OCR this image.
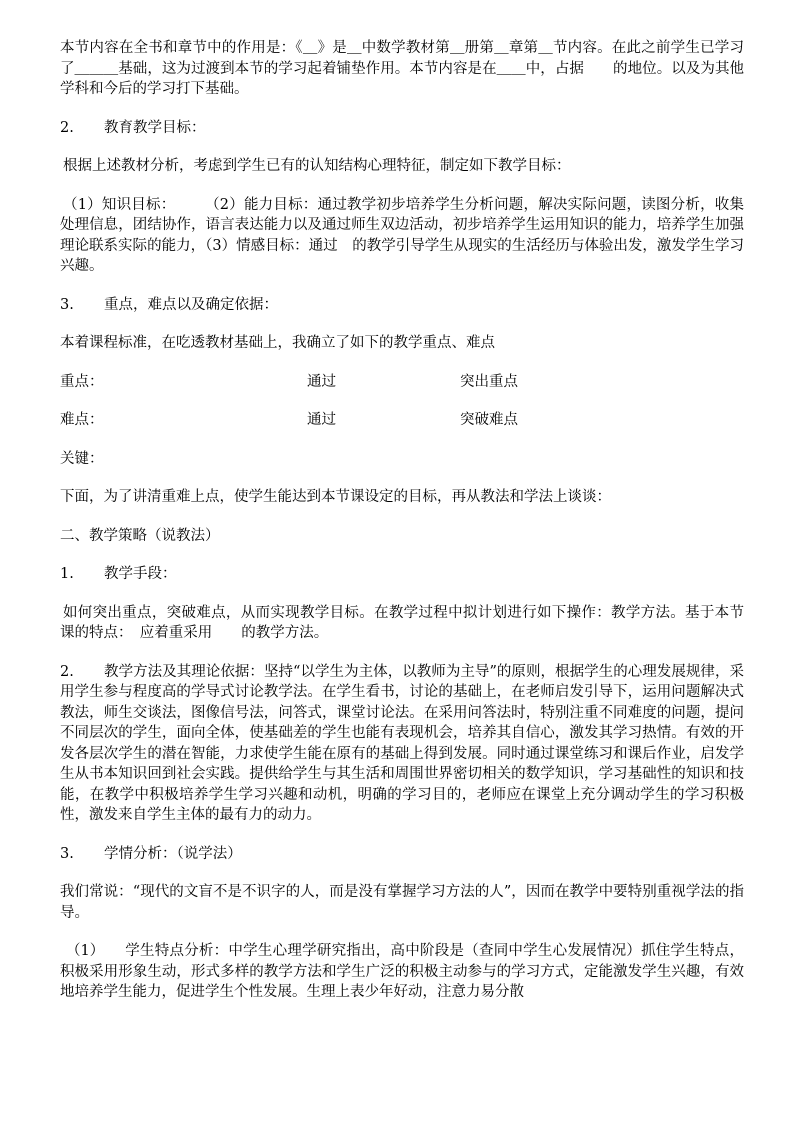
本节内容在全书和章节中的作用是：《＿》是＿中数学教材第＿册第＿章第＿节内容。在此之前学生已学习了＿＿＿基础，这为过渡到本节的学习起着铺垫作用。本节内容是在＿＿中，占据　　的地位。以及为其他学科和今后的学习打下基础。

2. 教育教学目标：

根据上述教材分析，考虑到学生已有的认知结构心理特征，制定如下教学目标：

（1）知识目标：　　　（2）能力目标：通过教学初步培养学生分析问题，解决实际问题，读图分析，收集处理信息，团结协作，语言表达能力以及通过师生双边活动，初步培养学生运用知识的能力，培养学生加强理论联系实际的能力，（3）情感目标：通过　的教学引导学生从现实的生活经历与体验出发，激发学生学习兴趣。

3. 重点，难点以及确定依据：

本着课程标准，在吃透教材基础上，我确立了如下的教学重点、难点

重点：	通过	突出重点
难点：	通过	突破难点

关键：

下面，为了讲清重难上点，使学生能达到本节课设定的目标，再从教法和学法上谈谈：

二、教学策略（说教法）

1. 教学手段：

如何突出重点，突破难点，从而实现教学目标。在教学过程中拟计划进行如下操作：教学方法。基于本节课的特点：　应着重采用　　的教学方法。

2. 教学方法及其理论依据：坚持“以学生为主体，以教师为主导”的原则，根据学生的心理发展规律，采用学生参与程度高的学导式讨论教学法。在学生看书，讨论的基础上，在老师启发引导下，运用问题解决式教法，师生交谈法，图像信号法，问答式，课堂讨论法。在采用问答法时，特别注重不同难度的问题，提问不同层次的学生，面向全体，使基础差的学生也能有表现机会，培养其自信心，激发其学习热情。有效的开发各层次学生的潜在智能，力求使学生能在原有的基础上得到发展。同时通过课堂练习和课后作业，启发学生从书本知识回到社会实践。提供给学生与其生活和周围世界密切相关的数学知识，学习基础性的知识和技能，在教学中积极培养学生学习兴趣和动机，明确的学习目的，老师应在课堂上充分调动学生的学习积极性，激发来自学生主体的最有力的动力。

3. 学情分析：（说学法）

我们常说：“现代的文盲不是不识字的人，而是没有掌握学习方法的人”，因而在教学中要特别重视学法的指导。

（1） 学生特点分析：中学生心理学研究指出，高中阶段是（查同中学生心发展情况）抓住学生特点，积极采用形象生动，形式多样的教学方法和学生广泛的积极主动参与的学习方式，定能激发学生兴趣，有效地培养学生能力，促进学生个性发展。生理上表少年好动，注意力易分散
